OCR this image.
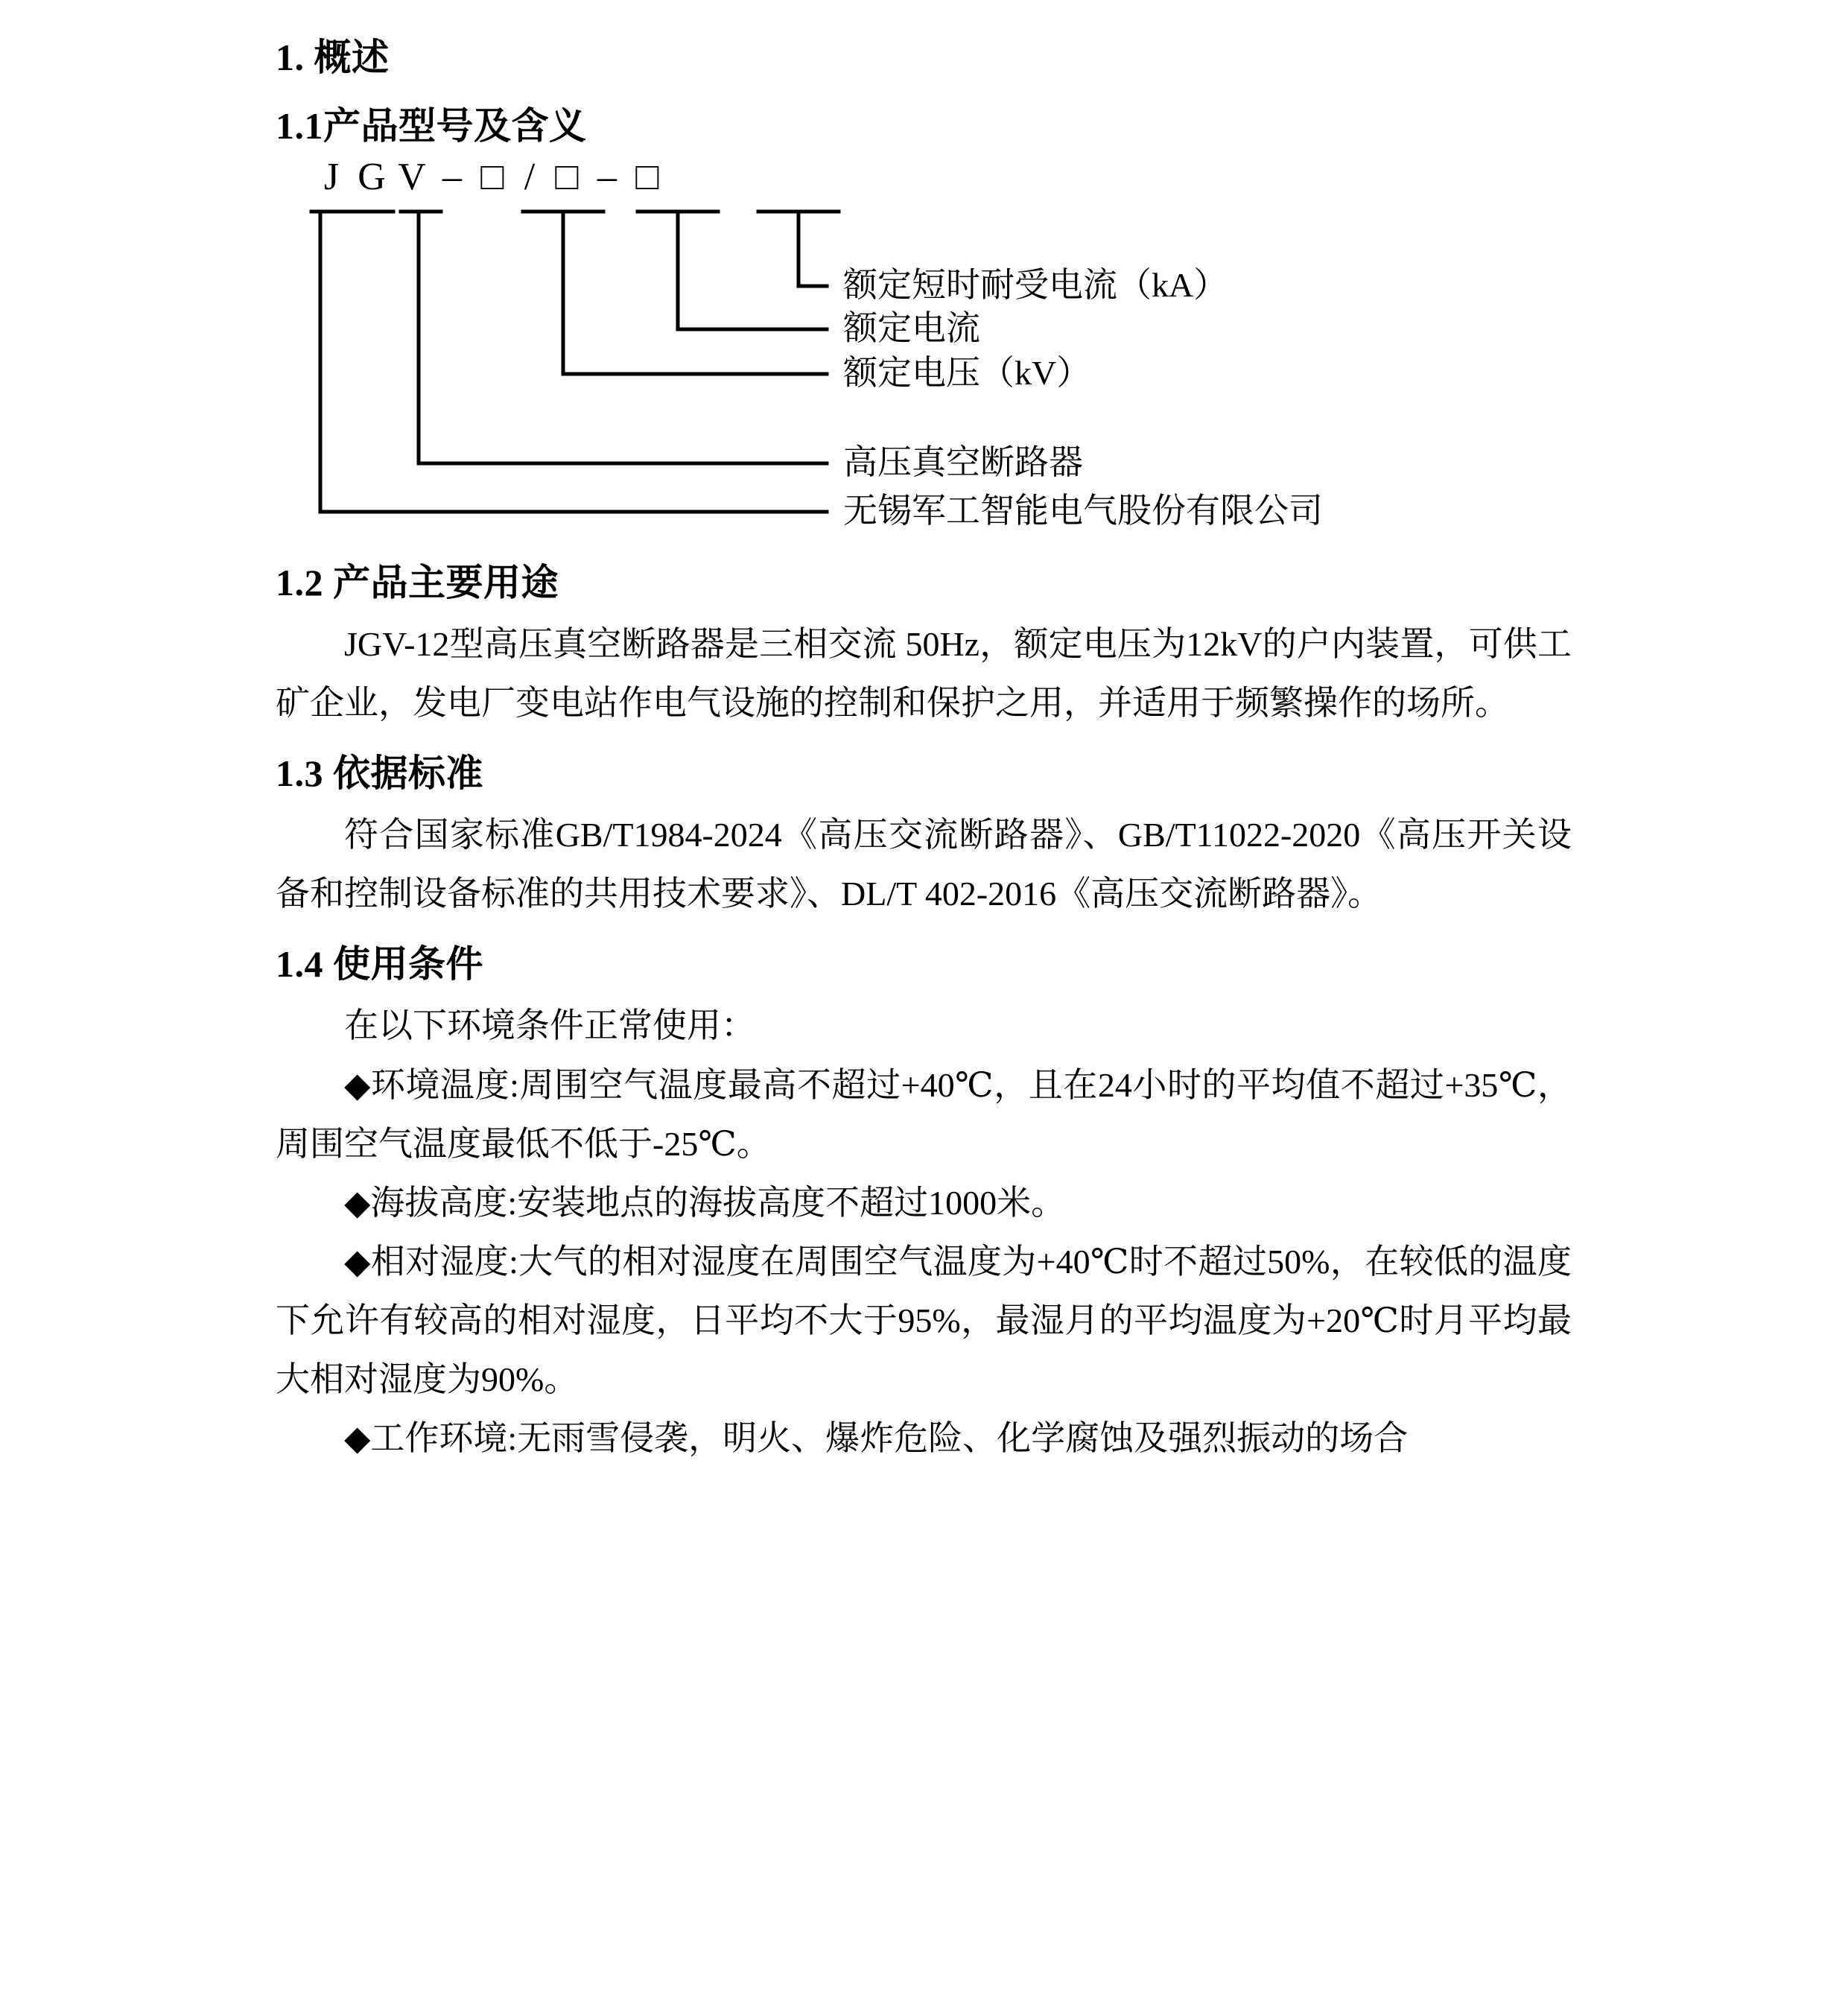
1. 概述
1.1产品型号及含义
J G V – □ / □ – □
额定短时耐受电流（kA）
额定电流
额定电压（kV）
高压真空断路器
无锡军工智能电气股份有限公司
1.2 产品主要用途

JGV-12型高压真空断路器是三相交流 50Hz，额定电压为12kV的户内装置，可供工矿企业，发电厂变电站作电气设施的控制和保护之用，并适用于频繁操作的场所。

1.3 依据标准

符合国家标准GB/T1984-2024《高压交流断路器》、GB/T11022-2020《高压开关设备和控制设备标准的共用技术要求》、DL/T 402-2016《高压交流断路器》。

1.4 使用条件

在以下环境条件正常使用：

◆环境温度:周围空气温度最高不超过+40℃，且在24小时的平均值不超过+35℃，周围空气温度最低不低于-25℃。

◆海拔高度:安装地点的海拔高度不超过1000米。

◆相对湿度:大气的相对湿度在周围空气温度为+40℃时不超过50%，在较低的温度下允许有较高的相对湿度，日平均不大于95%，最湿月的平均温度为+20℃时月平均最大相对湿度为90%。

◆工作环境:无雨雪侵袭，明火、爆炸危险、化学腐蚀及强烈振动的场合
